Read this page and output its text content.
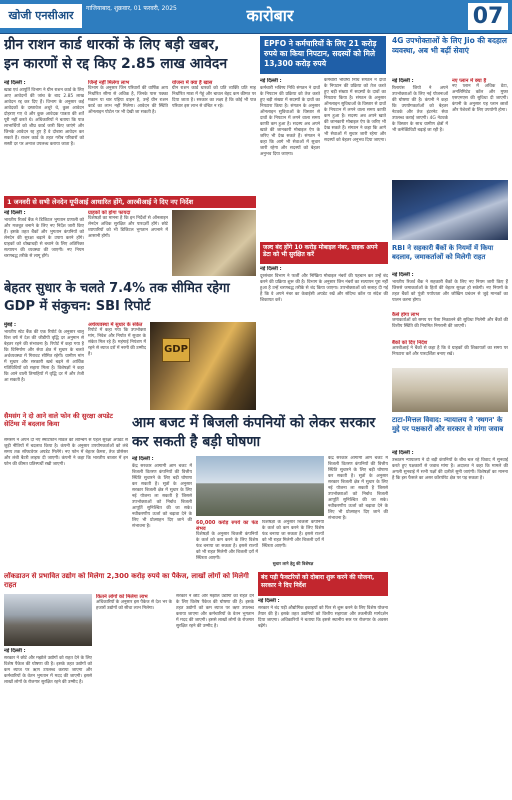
खोजी एनसीआर
गाजियाबाद, शुक्रवार, 01 फरवरी, 2025	कारोबार	07
ग्रीन राशन कार्ड धारकों के लिए बड़ी खबर,
इन कारणों से रद्द किए 2.85 लाख आवेदन
नई दिल्ली :
खाद्य एवं आपूर्ति विभाग ने ग्रीन राशन कार्ड के लिए आए आवेदनों की जांच के बाद 2.85 लाख आवेदन रद्द कर दिए हैं। विभाग के अनुसार कई आवेदकों के दस्तावेज अधूरे थे, कुछ आवेदन दोहराए गए थे और कुछ आवेदक पात्रता की शर्तें पूरी नहीं करते थे। अधिकारियों ने बताया कि पात्र लाभार्थियों को शीघ्र कार्ड जारी किए जाएंगे और जिनके आवेदन रद्द हुए हैं वे दोबारा आवेदन कर सकते हैं। राशन कार्ड के तहत गरीब परिवारों को सस्ती दर पर अनाज उपलब्ध कराया जाता है।
जिन्हें नहीं मिलेगा लाभ
विभाग के अनुसार जिन परिवारों की वार्षिक आय निर्धारित सीमा से अधिक है, जिनके पास पक्का मकान या चार पहिया वाहन है, उन्हें ग्रीन राशन कार्ड का लाभ नहीं मिलेगा। आवेदन की स्थिति ऑनलाइन पोर्टल पर भी देखी जा सकती है।
योजना में क्या है खास
ग्रीन राशन कार्ड धारकों को प्रति व्यक्ति प्रति माह निर्धारित मात्रा में गेहूं और चावल बेहद कम कीमत पर दिया जाता है। सरकार का लक्ष्य है कि कोई भी पात्र परिवार इस लाभ से वंचित न रहे।
1 जनवरी से सभी लेनदेन यूपीआई आधारित होंगे, आरबीआई ने दिए नए निर्देश
नई दिल्ली :
भारतीय रिजर्व बैंक ने डिजिटल भुगतान प्रणाली को और मजबूत बनाने के लिए नए निर्देश जारी किए हैं। इसके तहत बैंकों और भुगतान कंपनियों को लेनदेन की सुरक्षा बढ़ाने के उपाय करने होंगे। ग्राहकों को धोखाधड़ी से बचाने के लिए अतिरिक्त सत्यापन की व्यवस्था की जाएगी। नए नियम चरणबद्ध तरीके से लागू होंगे।
ग्राहकों को होगा फायदा
विशेषज्ञों का मानना है कि इन निर्देशों से ऑनलाइन लेनदेन अधिक सुरक्षित और पारदर्शी होंगे। छोटे व्यापारियों को भी डिजिटल भुगतान अपनाने में आसानी होगी।
बेहतर सुधार के चलते 7.4% तक सीमित रहेगा
GDP में संकुचन: SBI रिपोर्ट
मुंबई :
भारतीय स्टेट बैंक की एक रिपोर्ट के अनुसार चालू वित्त वर्ष में देश की जीडीपी वृद्धि दर अनुमान से बेहतर रहने की संभावना है। रिपोर्ट में कहा गया है कि विनिर्माण और सेवा क्षेत्र में सुधार के चलते अर्थव्यवस्था में गिरावट सीमित रहेगी। ग्रामीण मांग में सुधार और सरकारी खर्च बढ़ने से आर्थिक गतिविधियों को सहारा मिला है। विशेषज्ञों ने कहा कि आने वाली तिमाहियों में वृद्धि दर में और तेजी आ सकती है।
अर्थव्यवस्था में सुधार के संकेत
रिपोर्ट में कहा गया कि उपभोक्ता मांग, निवेश और निर्यात में सुधार के संकेत मिल रहे हैं। महंगाई नियंत्रण में रहने से ब्याज दरों में नरमी की उम्मीद है।	GDP
सैमसंग ने दो आने वाले फोन की सुरक्षा अपडेट सेटिंग्स में बदलाव किया
सैमसंग ने अपने दो नए स्मार्टफोन मॉडल की लॉन्चिंग से पहले सुरक्षा अपडेट से जुड़ी नीतियों में बदलाव किया है। कंपनी के अनुसार उपयोगकर्ताओं को लंबे समय तक सॉफ्टवेयर अपडेट मिलेंगे। नए फोन में बेहतर कैमरा, तेज प्रोसेसर और लंबी बैटरी लाइफ दी जाएगी। कंपनी ने कहा कि भारतीय बाजार में इन फोन की कीमत प्रतिस्पर्धी रखी जाएगी।
EPFO ने कर्मचारियों के लिए 21 करोड़
रुपये का किया निपटान, सदस्यों को मिले 13,300 करोड़ रुपये
नई दिल्ली :
कर्मचारी भविष्य निधि संगठन ने दावों के निपटान की प्रक्रिया को तेज करते हुए बड़ी संख्या में सदस्यों के दावों का निपटारा किया है। संगठन के अनुसार ऑनलाइन सुविधाओं के विस्तार से दावों के निपटान में लगने वाला समय काफी कम हुआ है। सदस्य अब अपने खाते की जानकारी मोबाइल ऐप के जरिए भी देख सकते हैं। संगठन ने कहा कि आगे भी सेवाओं में सुधार जारी रहेगा और सदस्यों को बेहतर अनुभव दिया जाएगा।
कर्मचारी भविष्य निधि संगठन ने दावों के निपटान की प्रक्रिया को तेज करते हुए बड़ी संख्या में सदस्यों के दावों का निपटारा किया है। संगठन के अनुसार ऑनलाइन सुविधाओं के विस्तार से दावों के निपटान में लगने वाला समय काफी कम हुआ है। सदस्य अब अपने खाते की जानकारी मोबाइल ऐप के जरिए भी देख सकते हैं। संगठन ने कहा कि आगे भी सेवाओं में सुधार जारी रहेगा और सदस्यों को बेहतर अनुभव दिया जाएगा।
4G उपभोक्ताओं के लिए Jio की बदहाल व्यवस्था, अब भी बढ़ीं सेवाएं
नई दिल्ली :
रिलायंस जियो ने अपने उपभोक्ताओं के लिए नई योजनाओं की घोषणा की है। कंपनी ने कहा कि उपयोगकर्ताओं को बेहतर नेटवर्क और तेज इंटरनेट सेवा उपलब्ध कराई जाएगी। 4G नेटवर्क के विस्तार के साथ ग्रामीण क्षेत्रों में भी कनेक्टिविटी बढ़ाई जा रही है।
नए प्लान में क्या है
नए प्लान में अधिक डेटा, अनलिमिटेड कॉल और मुफ्त एसएमएस की सुविधा दी जाएगी। कंपनी के अनुसार यह प्लान छात्रों और पेशेवरों के लिए उपयोगी होगा।
जल्द बंद होंगे 10 करोड़ मोबाइल नंबर, ग्राहक अपने डेटा को भी सुरक्षित करें
नई दिल्ली :
दूरसंचार विभाग ने फर्जी और निष्क्रिय मोबाइल नंबरों की पहचान कर उन्हें बंद करने की प्रक्रिया शुरू की है। विभाग के अनुसार जिन नंबरों का सत्यापन पूरा नहीं हुआ है उन्हें चरणबद्ध तरीके से बंद किया जाएगा। उपभोक्ताओं को सलाह दी गई है कि वे अपने नंबर का केवाईसी अपडेट रखें और संदिग्ध कॉल या संदेश की शिकायत करें।
RBI ने सहकारी बैंकों के नियमों में किया बदलाव, जमाकर्ताओं को मिलेगी राहत
नई दिल्ली :
भारतीय रिजर्व बैंक ने सहकारी बैंकों के लिए नए नियम जारी किए हैं जिससे जमाकर्ताओं के हितों की बेहतर सुरक्षा हो सकेगी। नए नियमों के तहत बैंकों को पूंजी पर्याप्तता और जोखिम प्रबंधन से जुड़े मानकों का पालन करना होगा।
कैसे होगा लाभ
जमाकर्ताओं को समय पर पैसा निकालने की सुविधा मिलेगी और बैंकों की वित्तीय स्थिति की नियमित निगरानी की जाएगी।
बैंकों को दिए निर्देश
आरबीआई ने बैंकों से कहा है कि वे ग्राहकों की शिकायतों का समय पर निपटारा करें और पारदर्शिता बनाए रखें।
आम बजट में बिजली कंपनियों को लेकर सरकार कर सकती है बड़ी घोषणा
नई दिल्ली :
केंद्र सरकार आगामी आम बजट में बिजली वितरण कंपनियों की वित्तीय स्थिति सुधारने के लिए बड़ी घोषणा कर सकती है। सूत्रों के अनुसार सरकार बिजली क्षेत्र में सुधार के लिए नई योजना ला सकती है जिससे उपभोक्ताओं को निर्बाध बिजली आपूर्ति सुनिश्चित की जा सके। नवीकरणीय ऊर्जा को बढ़ावा देने के लिए भी प्रोत्साहन दिए जाने की संभावना है।
60,000 करोड़ रुपये का फंड संभव
विशेषज्ञों के अनुसार बिजली कंपनियों के कर्ज को कम करने के लिए विशेष फंड बनाया जा सकता है। इससे राज्यों को भी राहत मिलेगी और बिजली दरों में स्थिरता आएगी।
विशेषज्ञों के अनुसार बिजली कंपनियों के कर्ज को कम करने के लिए विशेष फंड बनाया जा सकता है। इससे राज्यों को भी राहत मिलेगी और बिजली दरों में स्थिरता आएगी।
सुधार लाने हेतु की विशेषज्ञ
केंद्र सरकार आगामी आम बजट में बिजली वितरण कंपनियों की वित्तीय स्थिति सुधारने के लिए बड़ी घोषणा कर सकती है। सूत्रों के अनुसार सरकार बिजली क्षेत्र में सुधार के लिए नई योजना ला सकती है जिससे उपभोक्ताओं को निर्बाध बिजली आपूर्ति सुनिश्चित की जा सके। नवीकरणीय ऊर्जा को बढ़ावा देने के लिए भी प्रोत्साहन दिए जाने की संभावना है।
टाटा-मित्तल विवाद: न्यायालय ने 'स्थगन' के मुद्दे पर पक्षकारों और सरकार से मांगा जवाब
नई दिल्ली :
उच्चतम न्यायालय ने दो बड़ी कंपनियों के बीच चल रहे विवाद में सुनवाई करते हुए पक्षकारों से जवाब मांगा है। अदालत ने कहा कि मामले की अगली सुनवाई में सभी पक्षों की दलीलें सुनी जाएंगी। विशेषज्ञों का मानना है कि इस फैसले का असर कॉरपोरेट क्षेत्र पर पड़ सकता है।
लॉकडाउन से प्रभावित उद्योग को मिलेगा 2,300 करोड़ रुपये का पैकेज, लाखों लोगों को मिलेगी राहत
नई दिल्ली :
सरकार ने छोटे और मझोले उद्योगों को राहत देने के लिए विशेष पैकेज की घोषणा की है। इसके तहत उद्योगों को कम ब्याज पर ऋण उपलब्ध कराया जाएगा और कर्मचारियों के वेतन भुगतान में मदद की जाएगी। इससे लाखों लोगों के रोजगार सुरक्षित रहने की उम्मीद है।
कितने लोगों को मिलेगा लाभ
अधिकारियों के अनुसार इस पैकेज से देश भर के हजारों उद्योगों को सीधा लाभ मिलेगा।
सरकार ने छोटे और मझोले उद्योगों को राहत देने के लिए विशेष पैकेज की घोषणा की है। इसके तहत उद्योगों को कम ब्याज पर ऋण उपलब्ध कराया जाएगा और कर्मचारियों के वेतन भुगतान में मदद की जाएगी। इससे लाखों लोगों के रोजगार सुरक्षित रहने की उम्मीद है।
बंद पड़ी फैक्टरियों को दोबारा शुरू करने की योजना, सरकार ने दिए निर्देश
नई दिल्ली :
सरकार ने बंद पड़ी औद्योगिक इकाइयों को फिर से शुरू करने के लिए विशेष योजना तैयार की है। इसके तहत उद्यमियों को वित्तीय सहायता और तकनीकी मार्गदर्शन दिया जाएगा। अधिकारियों ने बताया कि इससे स्थानीय स्तर पर रोजगार के अवसर बढ़ेंगे।
